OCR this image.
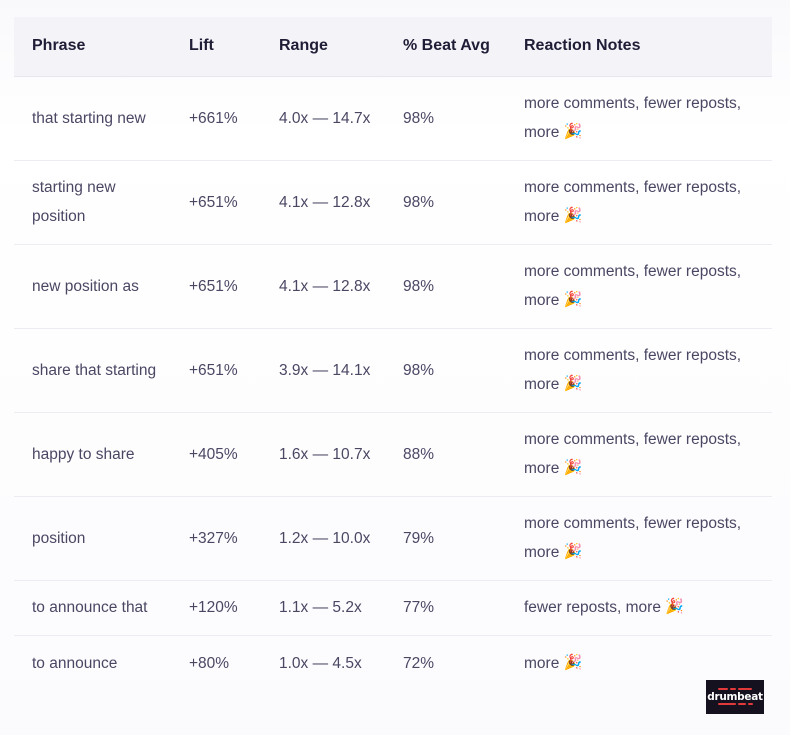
Phrase	Lift	Range	% Beat Avg	Reaction Notes
that starting new	+661%	4.0x — 14.7x	98%	more comments, fewer reposts, more 🎉
starting new position	+651%	4.1x — 12.8x	98%	more comments, fewer reposts, more 🎉
new position as	+651%	4.1x — 12.8x	98%	more comments, fewer reposts, more 🎉
share that starting	+651%	3.9x — 14.1x	98%	more comments, fewer reposts, more 🎉
happy to share	+405%	1.6x — 10.7x	88%	more comments, fewer reposts, more 🎉
position	+327%	1.2x — 10.0x	79%	more comments, fewer reposts, more 🎉
to announce that	+120%	1.1x — 5.2x	77%	fewer reposts, more 🎉
to announce	+80%	1.0x — 4.5x	72%	more 🎉
drumbeat
